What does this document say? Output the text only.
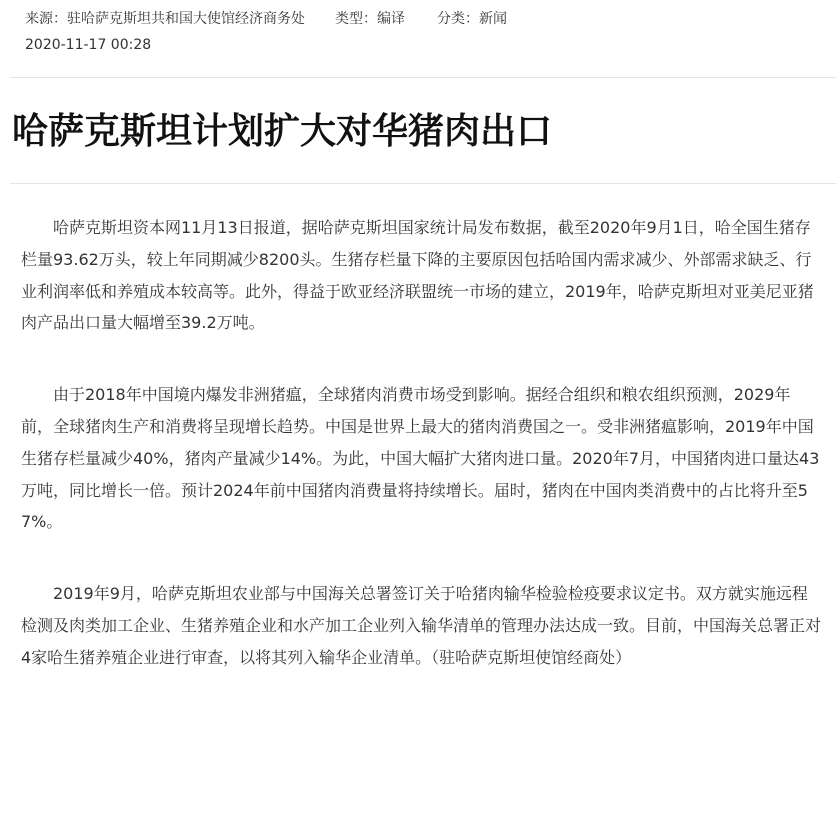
来源：驻哈萨克斯坦共和国大使馆经济商务处 类型：编译 分类：新闻
2020-11-17 00:28
哈萨克斯坦计划扩大对华猪肉出口

哈萨克斯坦资本网11月13日报道，据哈萨克斯坦国家统计局发布数据，截至2020年9月1日，哈全国生猪存栏量93.62万头，较上年同期减少8200头。生猪存栏量下降的主要原因包括哈国内需求减少、外部需求缺乏、行业利润率低和养殖成本较高等。此外，得益于欧亚经济联盟统一市场的建立，2019年，哈萨克斯坦对亚美尼亚猪肉产品出口量大幅增至39.2万吨。

由于2018年中国境内爆发非洲猪瘟，全球猪肉消费市场受到影响。据经合组织和粮农组织预测，2029年前，全球猪肉生产和消费将呈现增长趋势。中国是世界上最大的猪肉消费国之一。受非洲猪瘟影响，2019年中国生猪存栏量减少40%，猪肉产量减少14%。为此，中国大幅扩大猪肉进口量。2020年7月，中国猪肉进口量达43万吨，同比增长一倍。预计2024年前中国猪肉消费量将持续增长。届时，猪肉在中国肉类消费中的占比将升至57%。

2019年9月，哈萨克斯坦农业部与中国海关总署签订关于哈猪肉输华检验检疫要求议定书。双方就实施远程检测及肉类加工企业、生猪养殖企业和水产加工企业列入输华清单的管理办法达成一致。目前，中国海关总署正对4家哈生猪养殖企业进行审查，以将其列入输华企业清单。（驻哈萨克斯坦使馆经商处）
